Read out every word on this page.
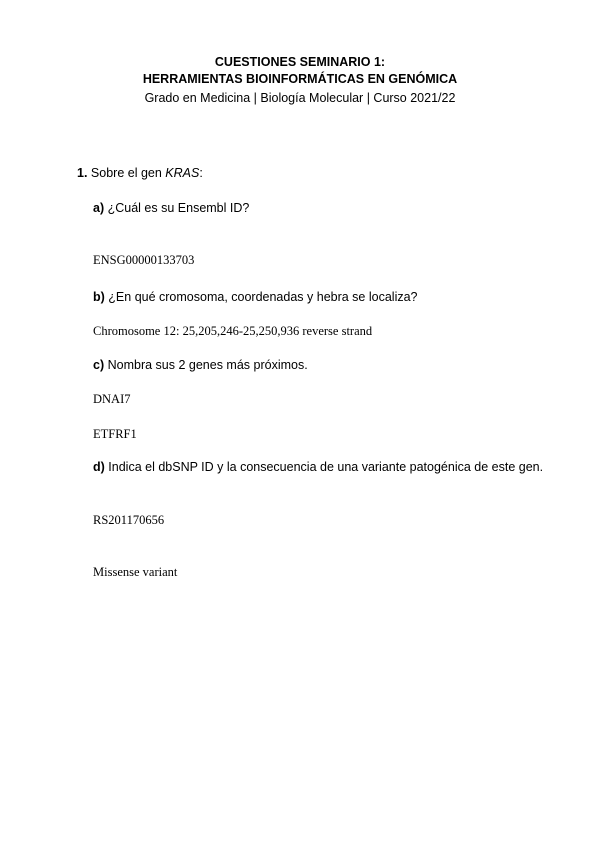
CUESTIONES SEMINARIO 1:
HERRAMIENTAS BIOINFORMÁTICAS EN GENÓMICA
Grado en Medicina | Biología Molecular | Curso 2021/22
1. Sobre el gen KRAS:
a) ¿Cuál es su Ensembl ID?
ENSG00000133703
b) ¿En qué cromosoma, coordenadas y hebra se localiza?
Chromosome 12: 25,205,246-25,250,936 reverse strand
c) Nombra sus 2 genes más próximos.
DNAI7
ETFRF1
d) Indica el dbSNP ID y la consecuencia de una variante patogénica de este gen.
RS201170656
Missense variant
